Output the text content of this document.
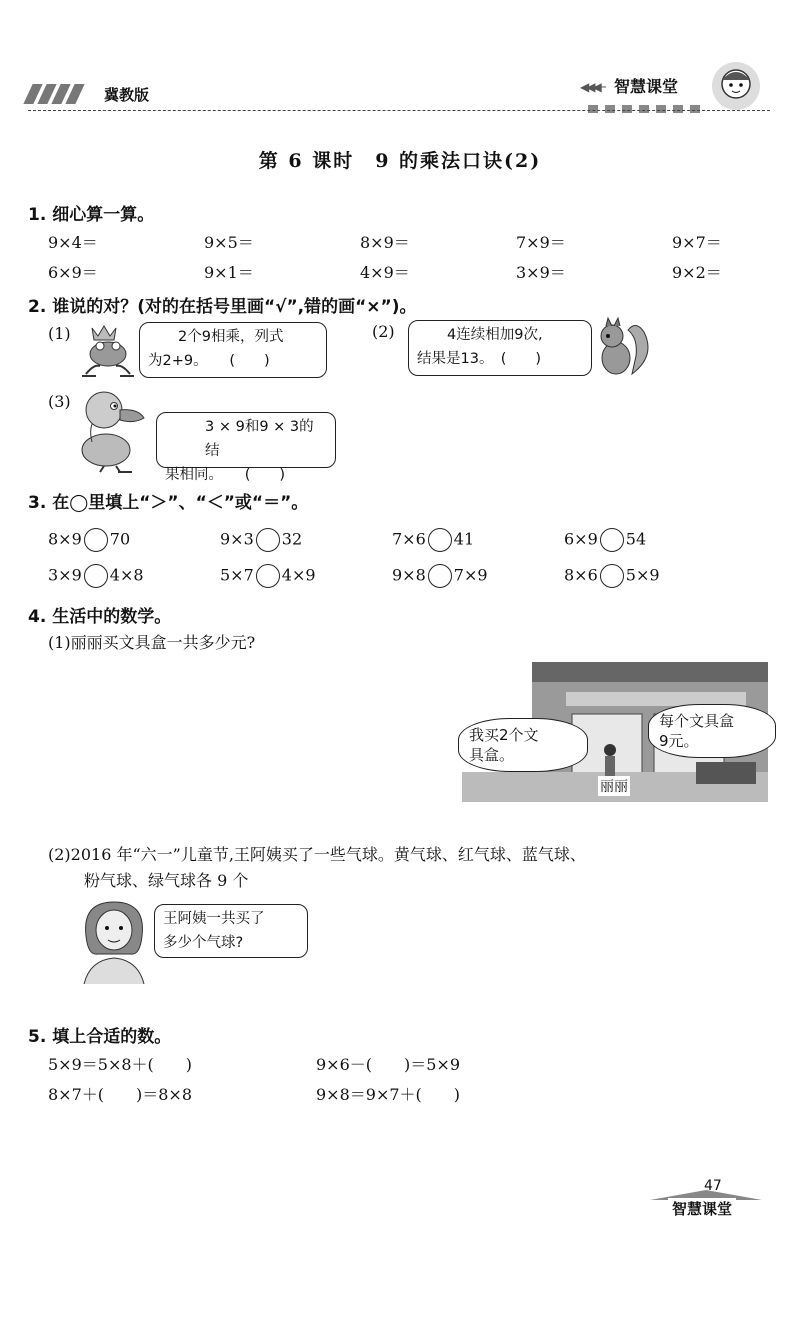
冀教版	◀◀◀─ 智慧课堂
第 6 课时　9 的乘法口诀(2)
1. 细心算一算。
9×4＝	9×5＝	8×9＝	7×9＝	9×7＝
6×9＝	9×1＝	4×9＝	3×9＝	9×2＝
2. 谁说的对？(对的在括号里画“√”,错的画“×”)。
(1)	2个9相乘，列式
为2+9。　　(　　)
(2)	4连续相加9次,
结果是13。　(　　)
(3)
3 × 9和9 × 3的结
果相同。　　(　　)
3. 在◯里填上“＞”、“＜”或“＝”。
8×9 70	9×3 32	7×6 41	6×9 54
3×9 4×8	5×7 4×9	9×8 7×9	8×6 5×9
4. 生活中的数学。
(1)丽丽买文具盒一共多少元?
我买2个文
具盒。
每个文具盒
9元。
丽丽
(2)2016 年“六一”儿童节,王阿姨买了一些气球。黄气球、红气球、蓝气球、
粉气球、绿气球各 9 个
王阿姨一共买了
多少个气球?
5. 填上合适的数。
5×9＝5×8＋(　　)	9×6－(　　)＝5×9
8×7＋(　　)＝8×8	9×8＝9×7＋(　　)
47
智慧课堂
